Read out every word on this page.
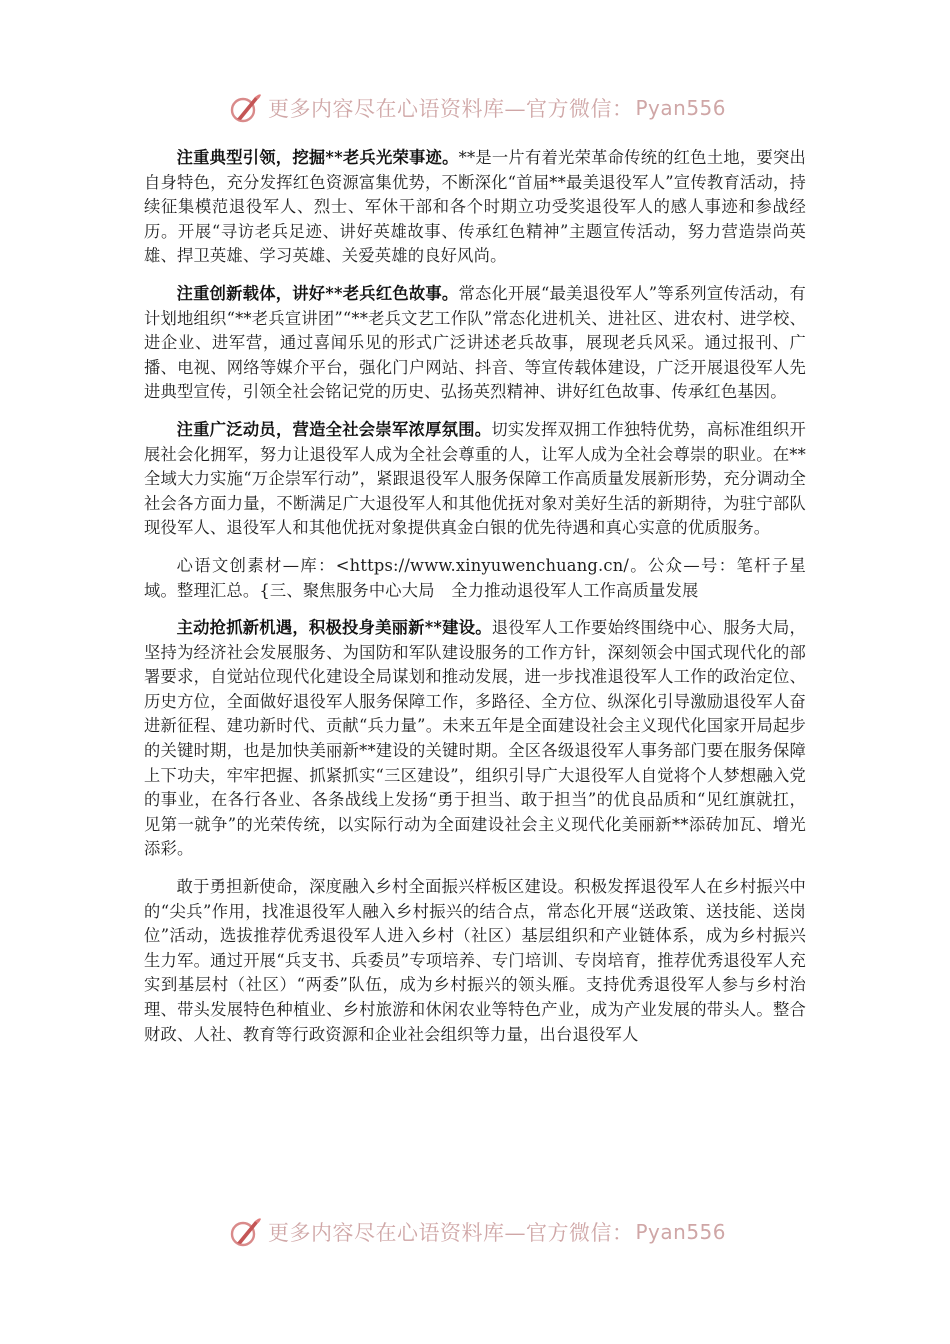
更多内容尽在心语资料库—官方微信： Pyan556

注重典型引领，挖掘**老兵光荣事迹。**是一片有着光荣革命传统的红色土地，要突出自身特色，充分发挥红色资源富集优势，不断深化“首届**最美退役军人”宣传教育活动，持续征集模范退役军人、烈士、军休干部和各个时期立功受奖退役军人的感人事迹和参战经历。开展“寻访老兵足迹、讲好英雄故事、传承红色精神”主题宣传活动，努力营造崇尚英雄、捍卫英雄、学习英雄、关爱英雄的良好风尚。

注重创新载体，讲好**老兵红色故事。常态化开展“最美退役军人”等系列宣传活动，有计划地组织“**老兵宣讲团”“**老兵文艺工作队”常态化进机关、进社区、进农村、进学校、进企业、进军营，通过喜闻乐见的形式广泛讲述老兵故事，展现老兵风采。通过报刊、广播、电视、网络等媒介平台，强化门户网站、抖音、等宣传载体建设，广泛开展退役军人先进典型宣传，引领全社会铭记党的历史、弘扬英烈精神、讲好红色故事、传承红色基因。

注重广泛动员，营造全社会崇军浓厚氛围。切实发挥双拥工作独特优势，高标准组织开展社会化拥军，努力让退役军人成为全社会尊重的人，让军人成为全社会尊崇的职业。在**全域大力实施“万企崇军行动”，紧跟退役军人服务保障工作高质量发展新形势，充分调动全社会各方面力量，不断满足广大退役军人和其他优抚对象对美好生活的新期待，为驻宁部队现役军人、退役军人和其他优抚对象提供真金白银的优先待遇和真心实意的优质服务。

心语文创素材—库：<https://www.xinyuwenchuang.cn/。公众—号：笔杆子星域。整理汇总。{三、聚焦服务中心大局　全力推动退役军人工作高质量发展

主动抢抓新机遇，积极投身美丽新**建设。退役军人工作要始终围绕中心、服务大局，坚持为经济社会发展服务、为国防和军队建设服务的工作方针，深刻领会中国式现代化的部署要求，自觉站位现代化建设全局谋划和推动发展，进一步找准退役军人工作的政治定位、历史方位，全面做好退役军人服务保障工作，多路径、全方位、纵深化引导激励退役军人奋进新征程、建功新时代、贡献“兵力量”。未来五年是全面建设社会主义现代化国家开局起步的关键时期，也是加快美丽新**建设的关键时期。全区各级退役军人事务部门要在服务保障上下功夫，牢牢把握、抓紧抓实“三区建设”，组织引导广大退役军人自觉将个人梦想融入党的事业，在各行各业、各条战线上发扬“勇于担当、敢于担当”的优良品质和“见红旗就扛，见第一就争”的光荣传统，以实际行动为全面建设社会主义现代化美丽新**添砖加瓦、增光添彩。

敢于勇担新使命，深度融入乡村全面振兴样板区建设。积极发挥退役军人在乡村振兴中的“尖兵”作用，找准退役军人融入乡村振兴的结合点，常态化开展“送政策、送技能、送岗位”活动，选拔推荐优秀退役军人进入乡村（社区）基层组织和产业链体系，成为乡村振兴生力军。通过开展“兵支书、兵委员”专项培养、专门培训、专岗培育，推荐优秀退役军人充实到基层村（社区）“两委”队伍，成为乡村振兴的领头雁。支持优秀退役军人参与乡村治理、带头发展特色种植业、乡村旅游和休闲农业等特色产业，成为产业发展的带头人。整合财政、人社、教育等行政资源和企业社会组织等力量，出台退役军人

更多内容尽在心语资料库—官方微信： Pyan556
